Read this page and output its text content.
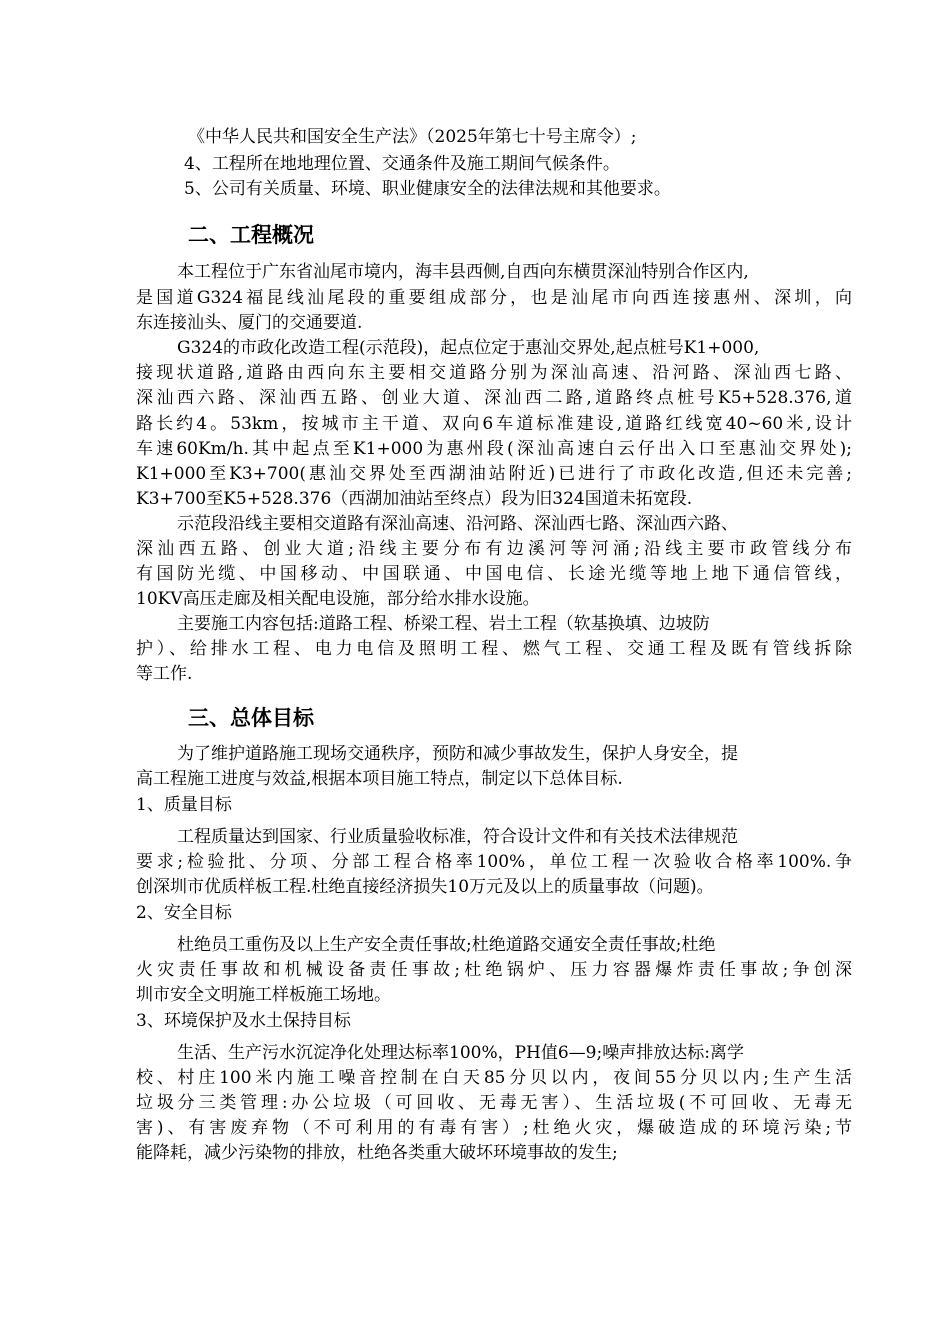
《中华人民共和国安全生产法》（2025年第七十号主席令）;
4、工程所在地地理位置、交通条件及施工期间气候条件。
5、公司有关质量、环境、职业健康安全的法律法规和其他要求。
二、工程概况
本工程位于广东省汕尾市境内，海丰县西侧,自西向东横贯深汕特别合作区内,
是国道G324福昆线汕尾段的重要组成部分，也是汕尾市向西连接惠州、深圳，向
东连接汕头、厦门的交通要道.
G324的市政化改造工程(示范段)，起点位定于惠汕交界处,起点桩号K1+000,
接现状道路,道路由西向东主要相交道路分别为深汕高速、沿河路、深汕西七路、
深汕西六路、深汕西五路、创业大道、深汕西二路,道路终点桩号K5+528.376,道
路长约4。53km，按城市主干道、双向6车道标准建设,道路红线宽40~60米,设计
车速60Km/h.其中起点至K1+000为惠州段(深汕高速白云仔出入口至惠汕交界处);
K1+000至K3+700(惠汕交界处至西湖油站附近)已进行了市政化改造,但还未完善;
K3+700至K5+528.376（西湖加油站至终点）段为旧324国道未拓宽段.
示范段沿线主要相交道路有深汕高速、沿河路、深汕西七路、深汕西六路、
深汕西五路、创业大道;沿线主要分布有边溪河等河涌;沿线主要市政管线分布
有国防光缆、中国移动、中国联通、中国电信、长途光缆等地上地下通信管线，
10KV高压走廊及相关配电设施，部分给水排水设施。
主要施工内容包括:道路工程、桥梁工程、岩土工程（软基换填、边坡防
护）、给排水工程、电力电信及照明工程、燃气工程、交通工程及既有管线拆除
等工作.
三、总体目标
为了维护道路施工现场交通秩序，预防和减少事故发生，保护人身安全，提
高工程施工进度与效益,根据本项目施工特点，制定以下总体目标.
1、质量目标
工程质量达到国家、行业质量验收标准，符合设计文件和有关技术法律规范
要求;检验批、分项、分部工程合格率100%，单位工程一次验收合格率100%.争
创深圳市优质样板工程.杜绝直接经济损失10万元及以上的质量事故（问题)。
2、安全目标
杜绝员工重伤及以上生产安全责任事故;杜绝道路交通安全责任事故;杜绝
火灾责任事故和机械设备责任事故;杜绝锅炉、压力容器爆炸责任事故;争创深
圳市安全文明施工样板施工场地。
3、环境保护及水土保持目标
生活、生产污水沉淀净化处理达标率100%，PH值6—9;噪声排放达标:离学
校、村庄100米内施工噪音控制在白天85分贝以内，夜间55分贝以内;生产生活
垃圾分三类管理:办公垃圾（可回收、无毒无害）、生活垃圾(不可回收、无毒无
害)、有害废弃物（不可利用的有毒有害）;杜绝火灾，爆破造成的环境污染;节
能降耗，减少污染物的排放，杜绝各类重大破坏环境事故的发生;
